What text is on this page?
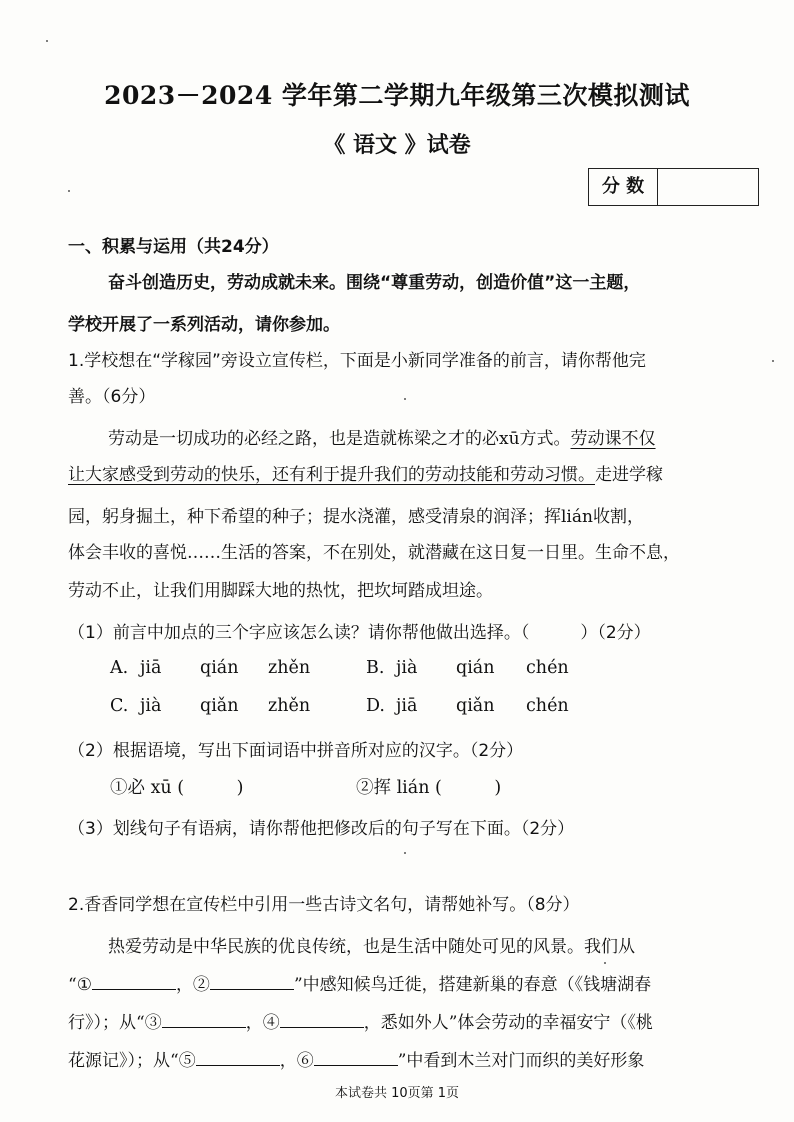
2023－2024 学年第二学期九年级第三次模拟测试
《 语文 》试卷
分 数
一、积累与运用（共24分）
奋斗创造历史，劳动成就未来。围绕“尊重劳动，创造价值”这一主题，
学校开展了一系列活动，请你参加。
1.学校想在“学稼园”旁设立宣传栏，下面是小新同学准备的前言，请你帮他完
善。（6分）
劳动是一切成功的必经之路，也是造就栋梁之才的必xū方式。劳动课不仅
让大家感受到劳动的快乐，还有利于提升我们的劳动技能和劳动习惯。走进学稼
园，躬身掘土，种下希望的种子；提水浇灌，感受清泉的润泽；挥lián收割，
体会丰收的喜悦……生活的答案，不在别处，就潜藏在这日复一日里。生命不息，
劳动不止，让我们用脚踩大地的热忱，把坎坷踏成坦途。
（1）前言中加点的三个字应该怎么读？请你帮他做出选择。（　　　）（2分）
A. jiā qián zhěn	B. jià qián chén
C. jià qiǎn zhěn	D. jiā qiǎn chén
（2）根据语境，写出下面词语中拼音所对应的汉字。（2分）
①必 xū (　　　)	②挥 lián (　　　)
（3）划线句子有语病，请你帮他把修改后的句子写在下面。（2分）
2.香香同学想在宣传栏中引用一些古诗文名句，请帮她补写。（8分）
热爱劳动是中华民族的优良传统，也是生活中随处可见的风景。我们从
“①	，②	”中感知候鸟迁徙，搭建新巢的春意（《钱塘湖春
行》）；从“③	，④	，悉如外人”体会劳动的幸福安宁（《桃
花源记》）；从“⑤	，⑥	”中看到木兰对门而织的美好形象
本试卷共 10页第 1页
